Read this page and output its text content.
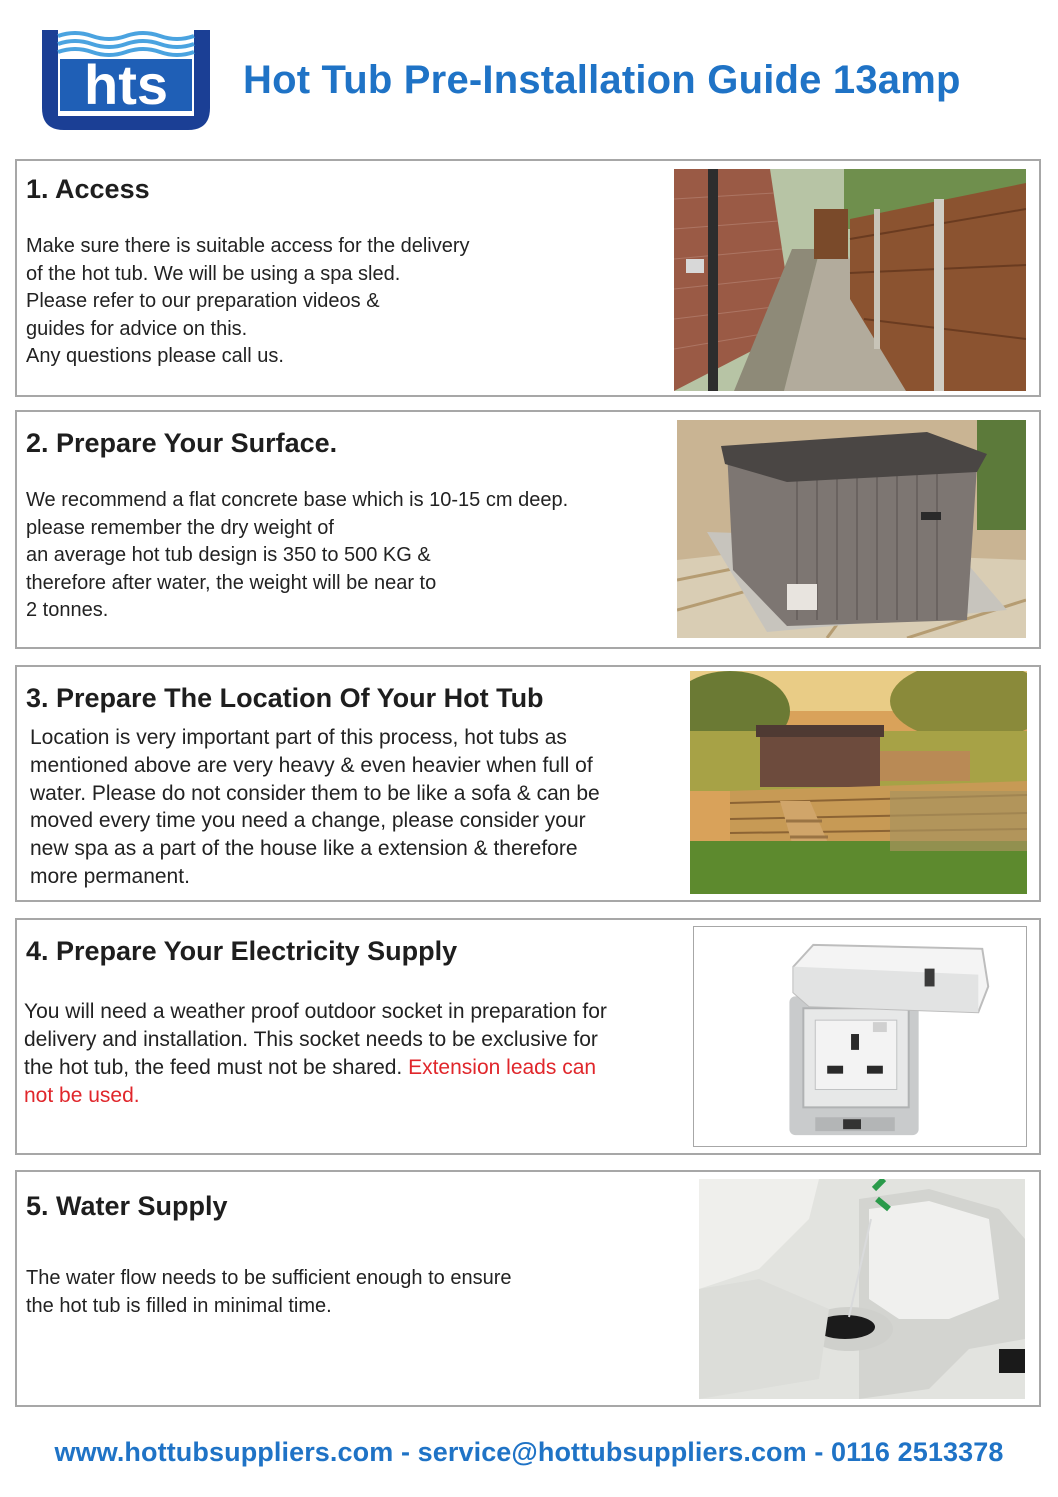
hts Hot Tub Pre-Installation Guide 13amp
1. Access

Make sure there is suitable access for the delivery

of the hot tub. We will be using a spa sled.

Please refer to our preparation videos &

guides for advice on this.

Any questions please call us.

2. Prepare Your Surface.

We recommend a flat concrete base which is 10-15 cm deep.

please remember the dry weight of

an average hot tub design is 350 to 500 KG &

therefore after water, the weight will be near to

2 tonnes.

3. Prepare The Location Of Your Hot Tub

Location is very important part of this process, hot tubs as

mentioned above are very heavy & even heavier when full of

water. Please do not consider them to be like a sofa & can be

moved every time you need a change, please consider your

new spa as a part of the house like a extension & therefore

more permanent.

4. Prepare Your Electricity Supply

You will need a weather proof outdoor socket in preparation for

delivery and installation. This socket needs to be exclusive for

the hot tub, the feed must not be shared. Extension leads can

not be used.

5. Water Supply

The water flow needs to be sufficient enough to ensure

the hot tub is filled in minimal time.

www.hottubsuppliers.com - service@hottubsuppliers.com - 0116 2513378
